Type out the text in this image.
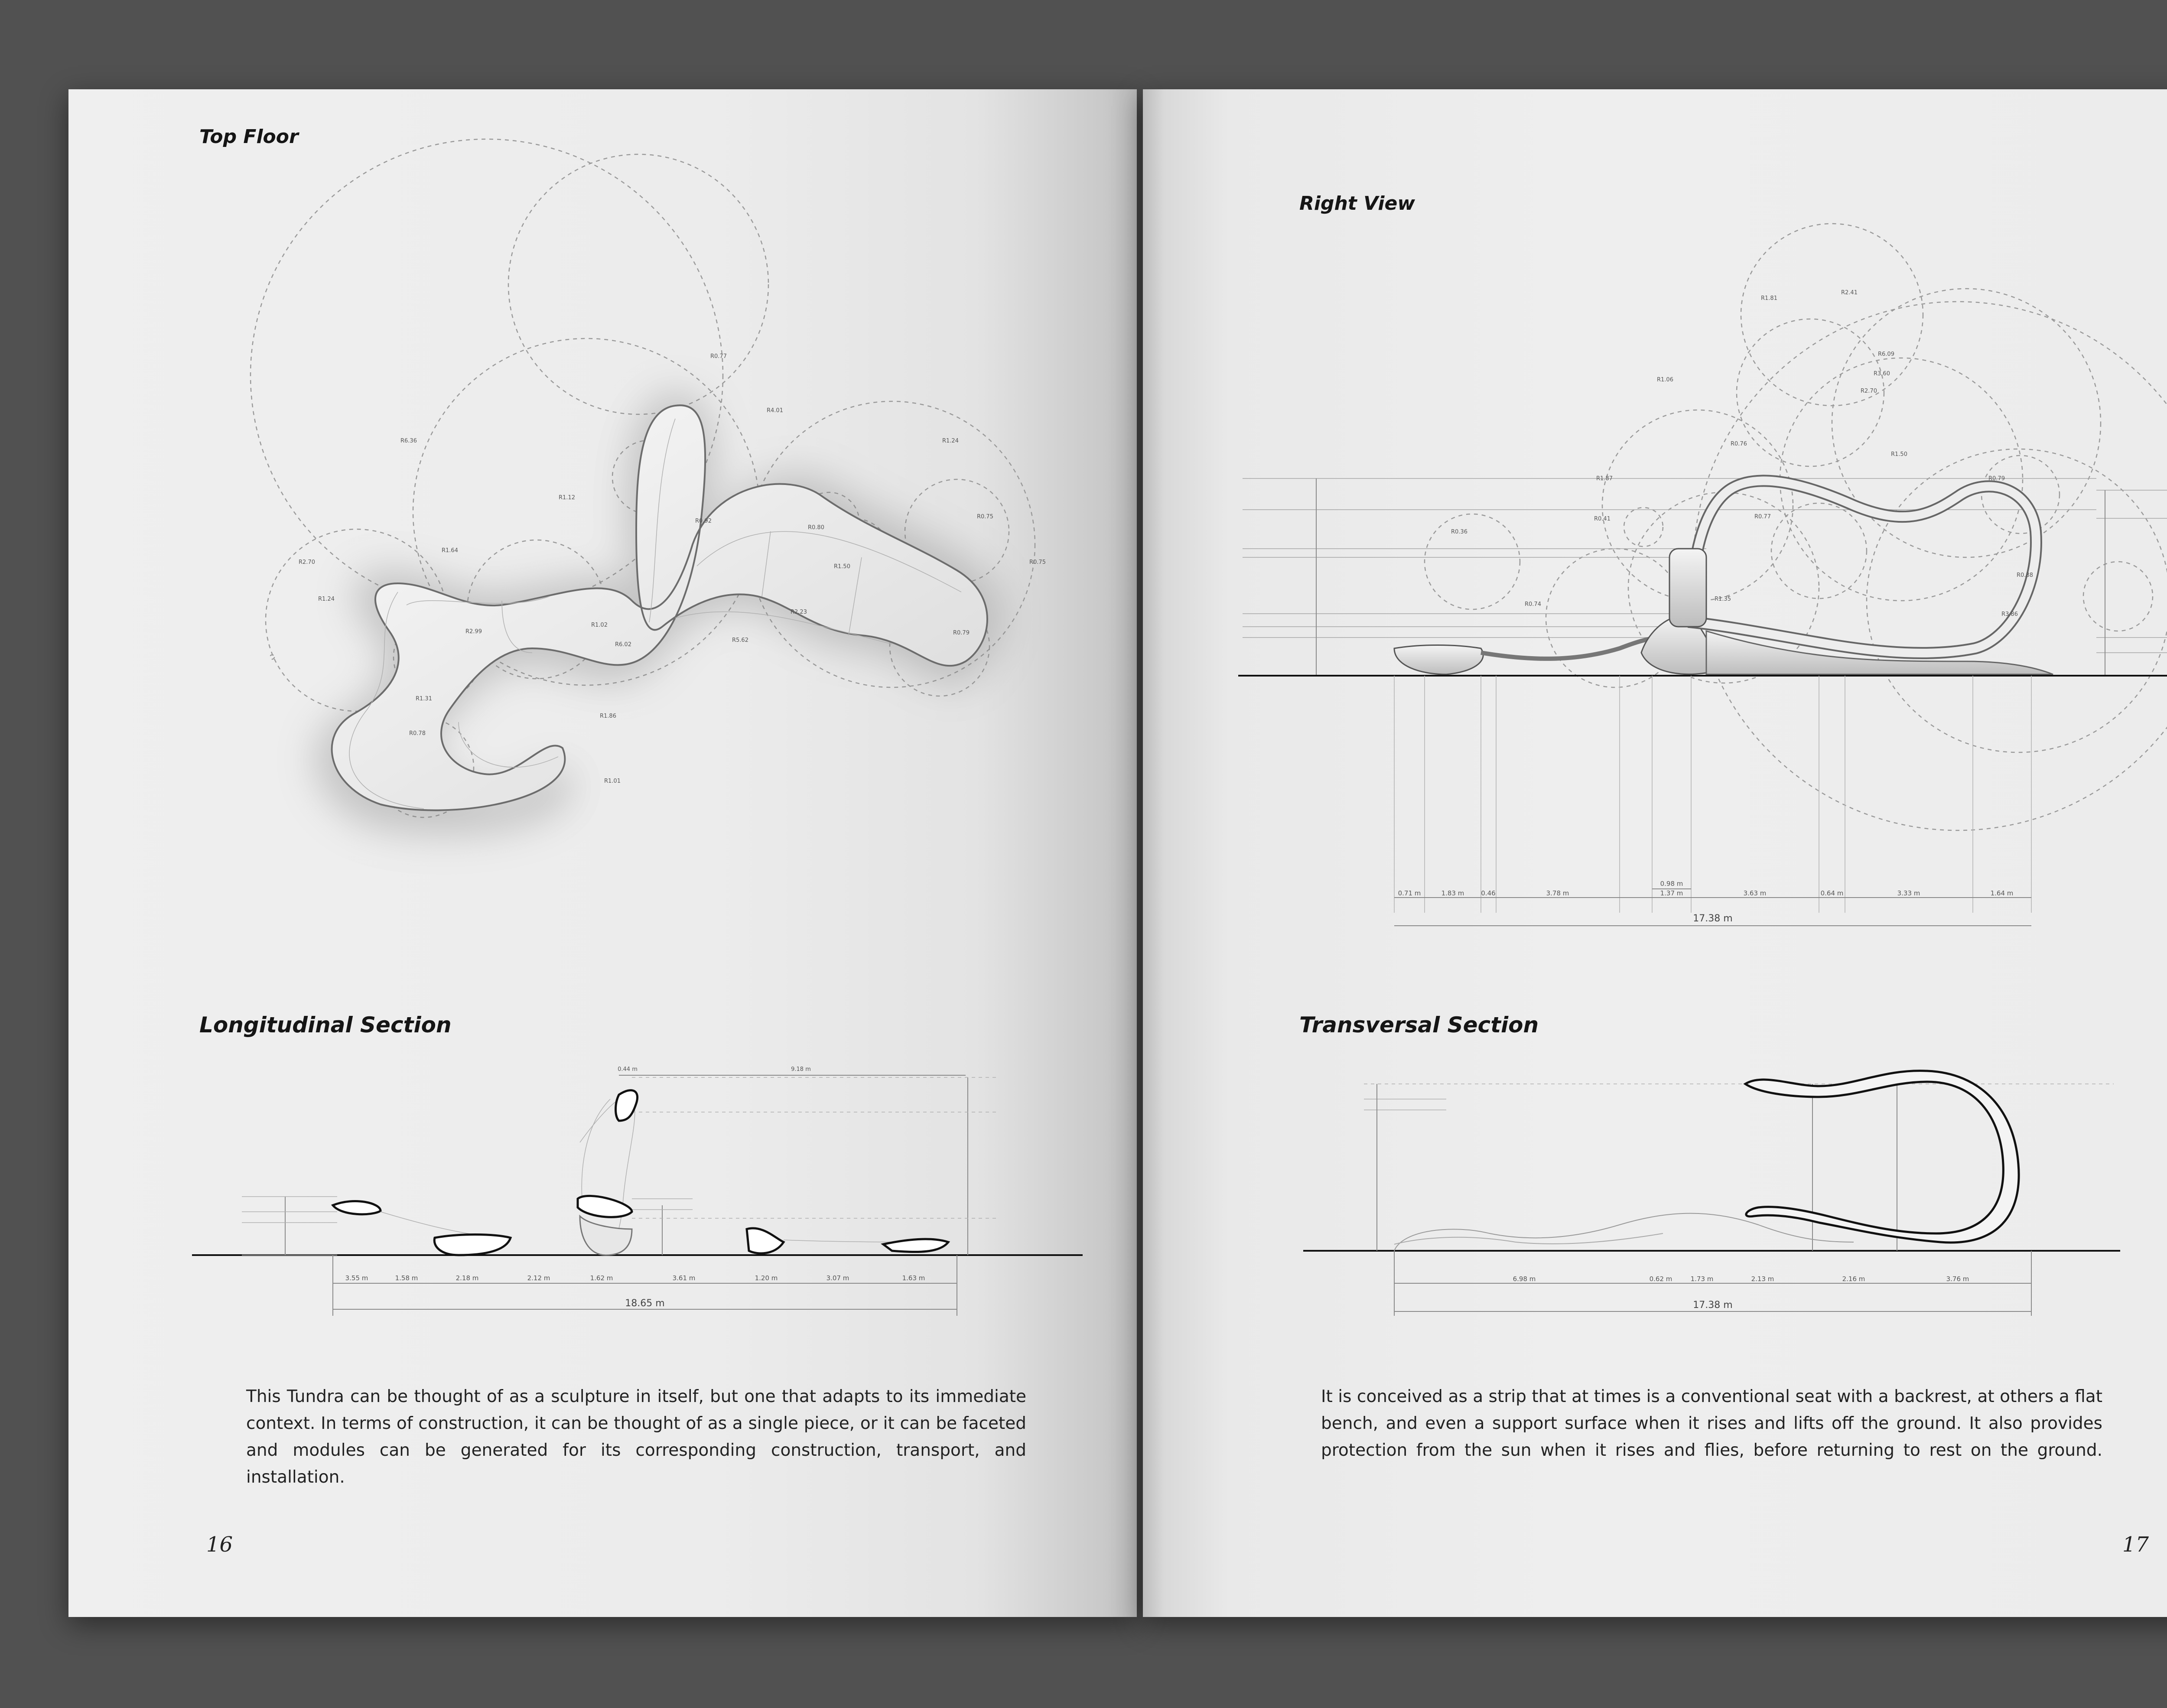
Top Floor
R6.36
R0.77
R4.01
R1.12
R2.70
R1.64
R1.24
R1.02
R2.99
R6.02
R0.92
R0.80
R1.50
R5.62
R2.23
R1.24
R0.75
R0.75
R0.79
R1.31
R0.78
R1.86
R1.01
0.44 m	9.18 m
3.55 m	1.58 m	2.18 m	2.12 m	1.62 m	3.61 m	1.20 m	3.07 m	1.63 m
18.65 m
Longitudinal Section

This Tundra can be thought of as a sculpture in itself, but one that adapts to its immediate context. In terms of construction, it can be thought of as a single piece, or it can be faceted and modules can be generated for its corresponding construction, transport, and installation.

16
Right View
R2.41
R1.81
R6.09
R1.06
R3.60
R2.70
R0.76
R1.50
R0.79
R1.87
R0.41	R0.77
R0.36
R0.74
R1.35
R0.88
R3.86
0.98 m
0.71 m	1.83 m	0.46	3.78 m	1.37 m	3.63 m	0.64 m	3.33 m	1.64 m
17.38 m
6.98 m	0.62 m	1.73 m	2.13 m	2.16 m	3.76 m
17.38 m
Transversal Section

It is conceived as a strip that at times is a conventional seat with a backrest, at others a flat bench, and even a support surface when it rises and lifts off the ground. It also provides protection from the sun when it rises and flies, before returning to rest on the ground.

17
